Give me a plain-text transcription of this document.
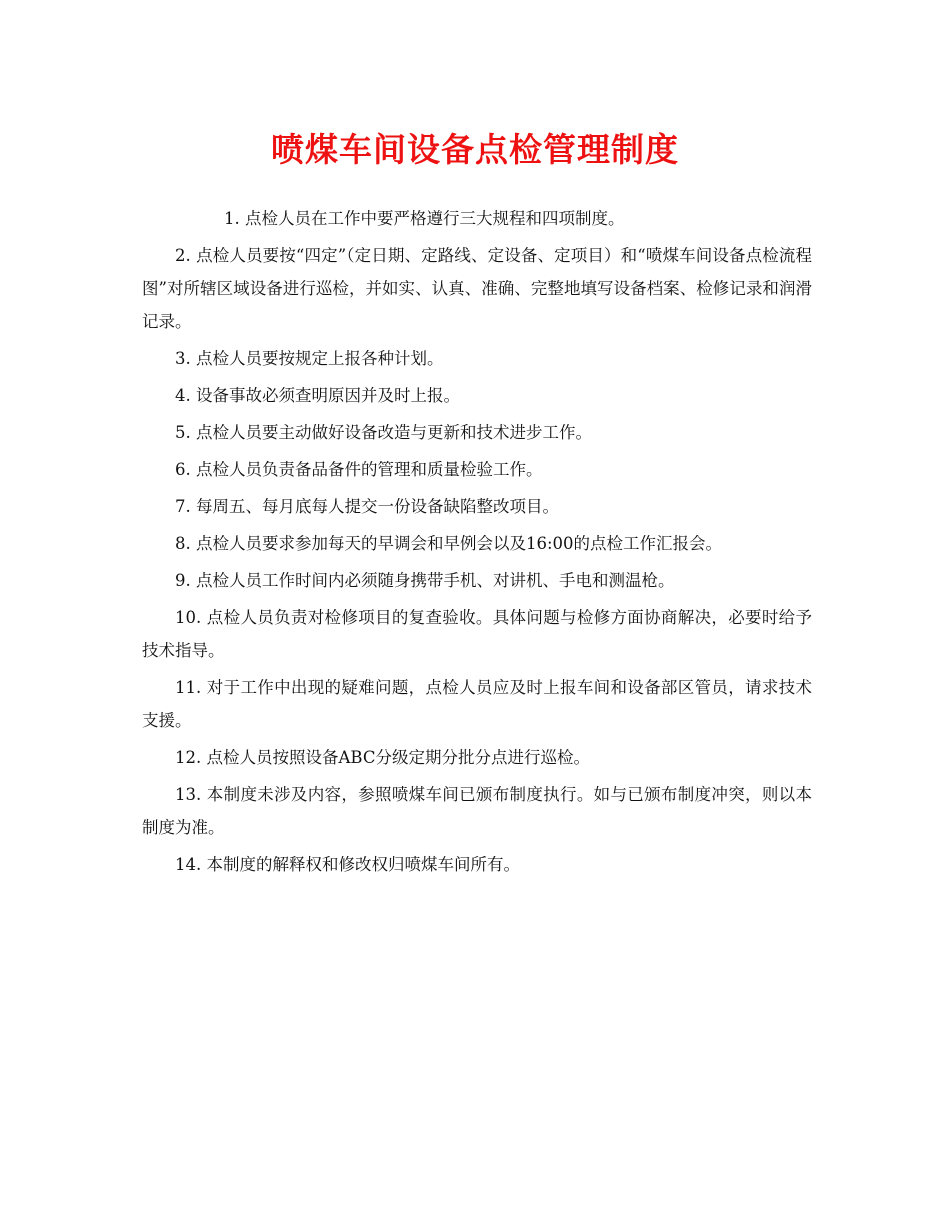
喷煤车间设备点检管理制度

1. 点检人员在工作中要严格遵行三大规程和四项制度。

2. 点检人员要按“四定”（定日期、定路线、定设备、定项目）和“喷煤车间设备点检流程图”对所辖区域设备进行巡检，并如实、认真、准确、完整地填写设备档案、检修记录和润滑记录。

3. 点检人员要按规定上报各种计划。

4. 设备事故必须查明原因并及时上报。

5. 点检人员要主动做好设备改造与更新和技术进步工作。

6. 点检人员负责备品备件的管理和质量检验工作。

7. 每周五、每月底每人提交一份设备缺陷整改项目。

8. 点检人员要求参加每天的早调会和早例会以及16:00的点检工作汇报会。

9. 点检人员工作时间内必须随身携带手机、对讲机、手电和测温枪。

10. 点检人员负责对检修项目的复查验收。具体问题与检修方面协商解决，必要时给予技术指导。

11. 对于工作中出现的疑难问题，点检人员应及时上报车间和设备部区管员，请求技术支援。

12. 点检人员按照设备ABC分级定期分批分点进行巡检。

13. 本制度未涉及内容，参照喷煤车间已颁布制度执行。如与已颁布制度冲突，则以本制度为准。

14. 本制度的解释权和修改权归喷煤车间所有。
